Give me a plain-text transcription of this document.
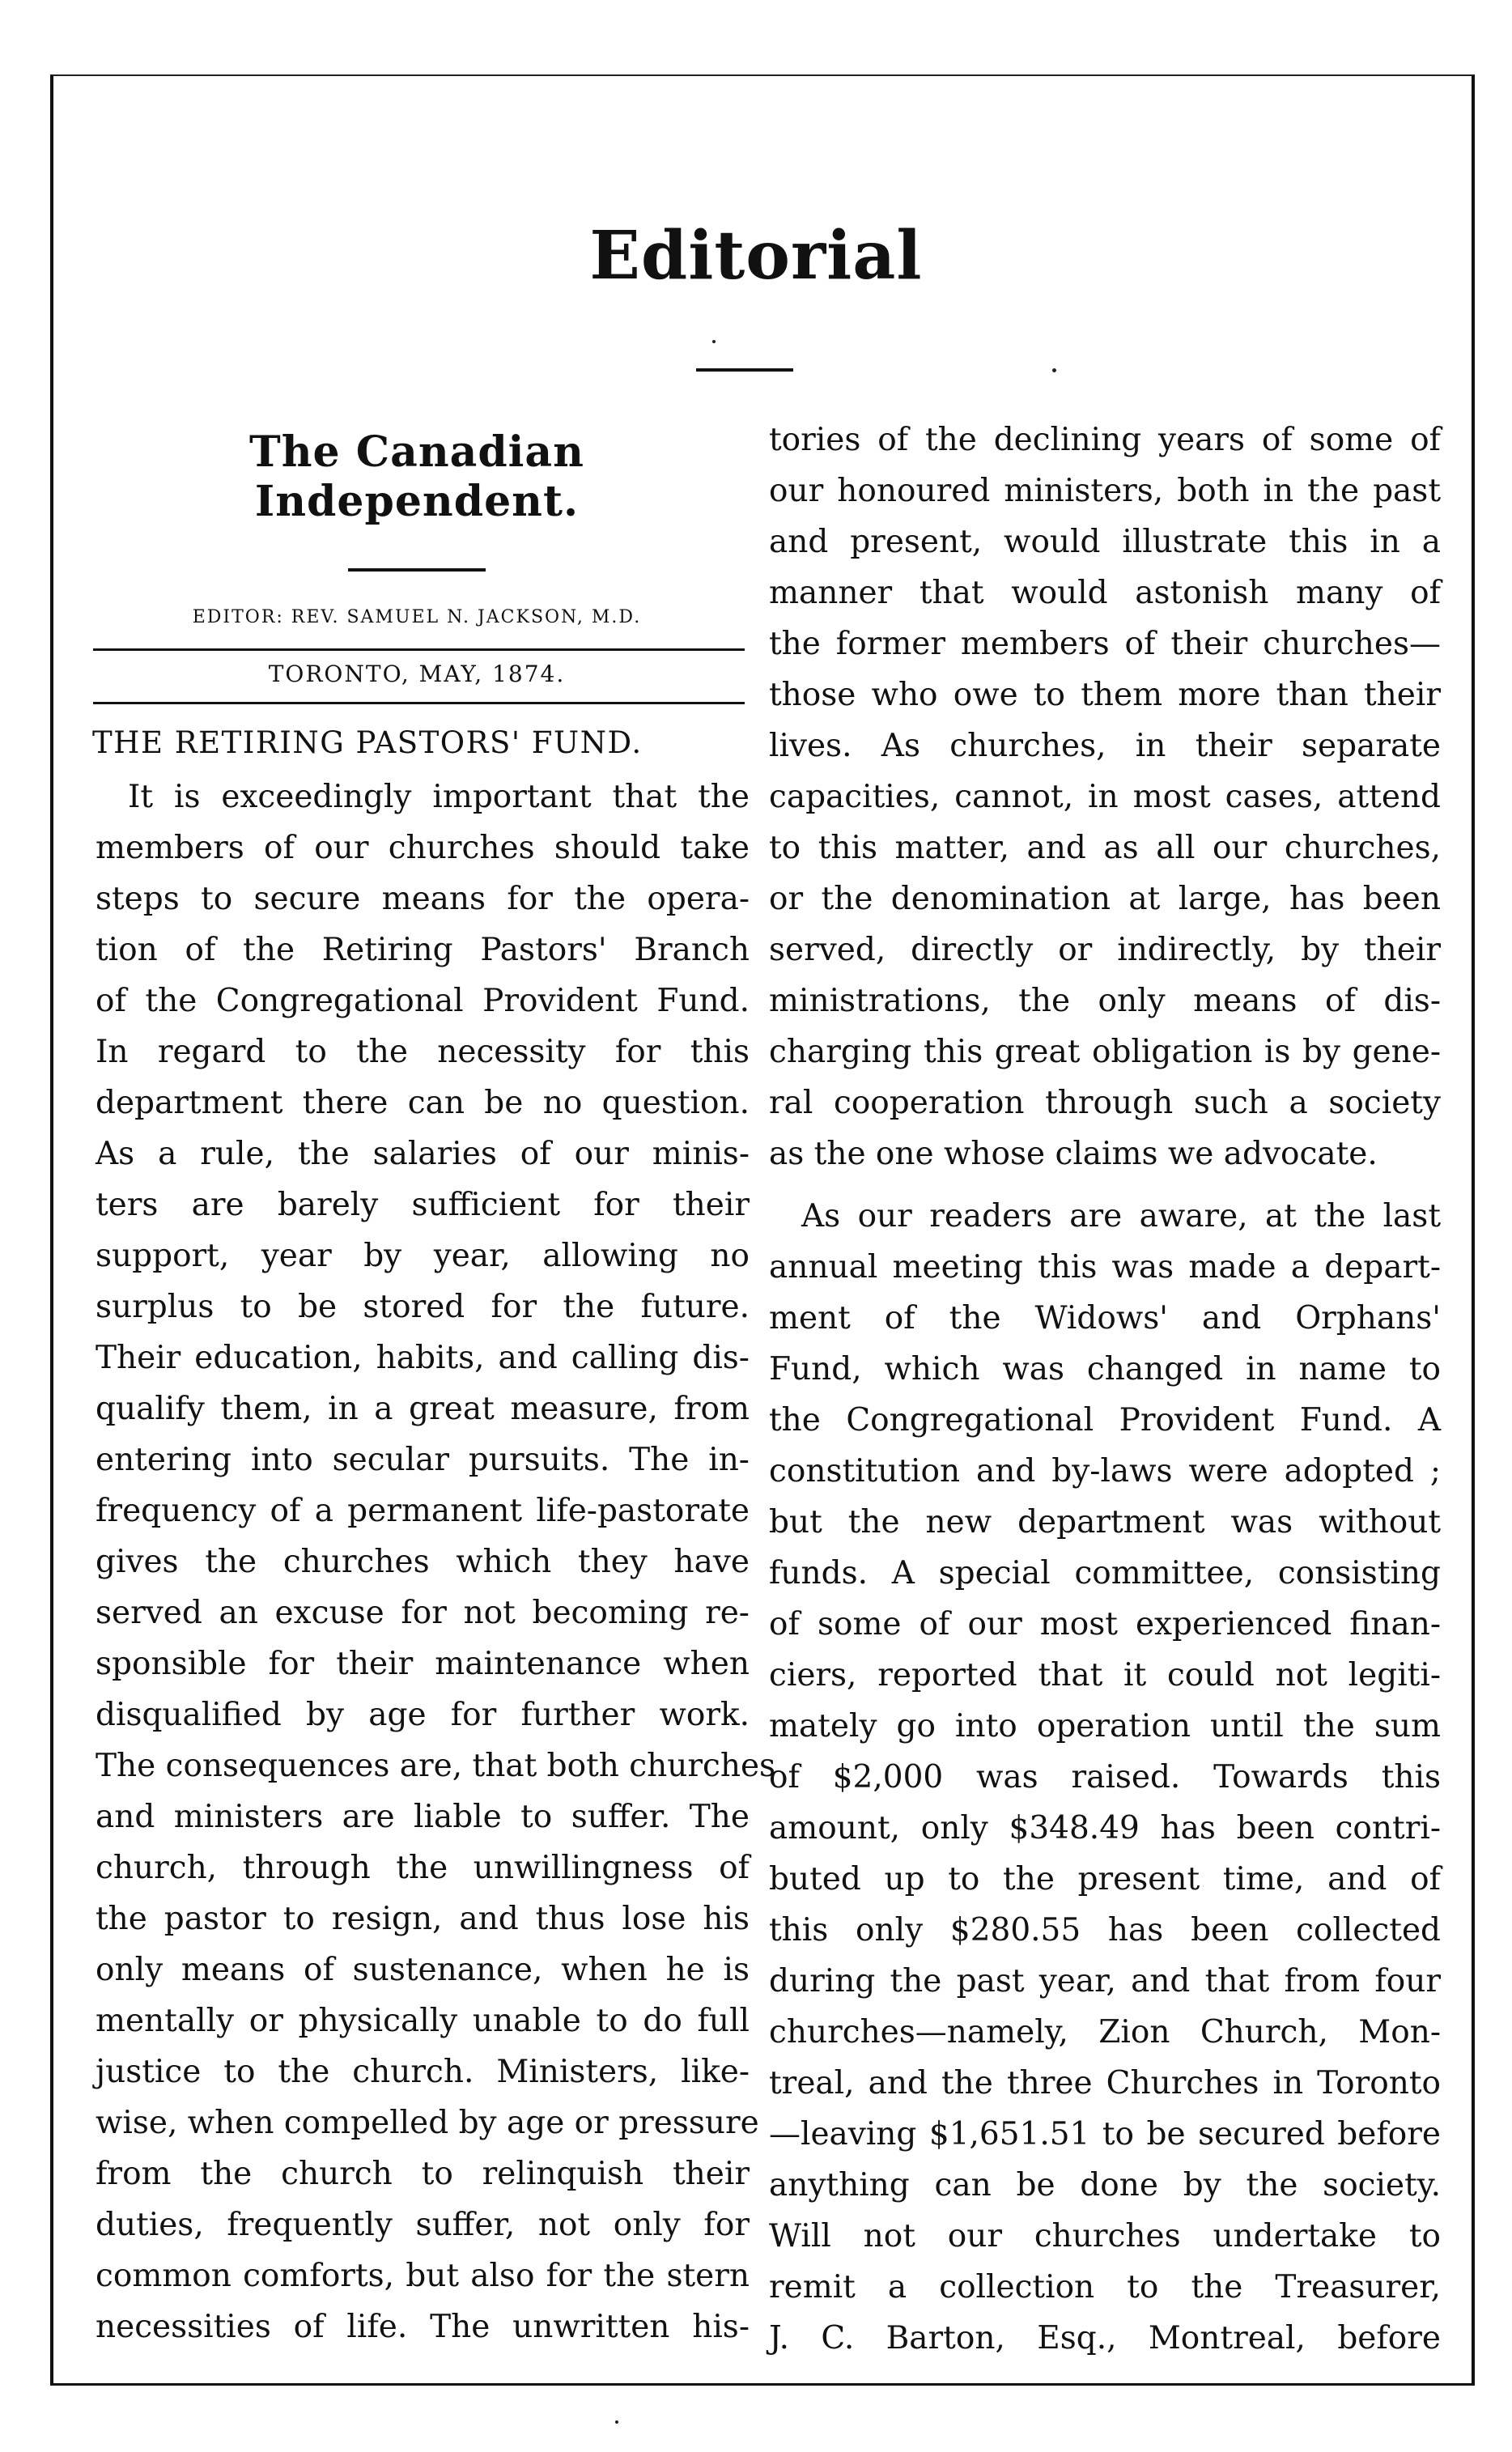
Editorial
The Canadian Independent.
EDITOR: REV. SAMUEL N. JACKSON, M.D.
TORONTO, MAY, 1874.
THE RETIRING PASTORS' FUND.
It is exceedingly important that the
members of our churches should take
steps to secure means for the opera-
tion of the Retiring Pastors' Branch
of the Congregational Provident Fund.
In regard to the necessity for this
department there can be no question.
As a rule, the salaries of our minis-
ters are barely sufficient for their
support, year by year, allowing no
surplus to be stored for the future.
Their education, habits, and calling dis-
qualify them, in a great measure, from
entering into secular pursuits. The in-
frequency of a permanent life-pastorate
gives the churches which they have
served an excuse for not becoming re-
sponsible for their maintenance when
disqualified by age for further work.
The consequences are, that both churches
and ministers are liable to suffer. The
church, through the unwillingness of
the pastor to resign, and thus lose his
only means of sustenance, when he is
mentally or physically unable to do full
justice to the church. Ministers, like-
wise, when compelled by age or pressure
from the church to relinquish their
duties, frequently suffer, not only for
common comforts, but also for the stern
necessities of life. The unwritten his-
tories of the declining years of some of
our honoured ministers, both in the past
and present, would illustrate this in a
manner that would astonish many of
the former members of their churches—
those who owe to them more than their
lives. As churches, in their separate
capacities, cannot, in most cases, attend
to this matter, and as all our churches,
or the denomination at large, has been
served, directly or indirectly, by their
ministrations, the only means of dis-
charging this great obligation is by gene-
ral cooperation through such a society
as the one whose claims we advocate.
As our readers are aware, at the last
annual meeting this was made a depart-
ment of the Widows' and Orphans'
Fund, which was changed in name to
the Congregational Provident Fund. A
constitution and by-laws were adopted ;
but the new department was without
funds. A special committee, consisting
of some of our most experienced finan-
ciers, reported that it could not legiti-
mately go into operation until the sum
of $2,000 was raised. Towards this
amount, only $348.49 has been contri-
buted up to the present time, and of
this only $280.55 has been collected
during the past year, and that from four
churches—namely, Zion Church, Mon-
treal, and the three Churches in Toronto
—leaving $1,651.51 to be secured before
anything can be done by the society.
Will not our churches undertake to
remit a collection to the Treasurer,
J. C. Barton, Esq., Montreal, before
